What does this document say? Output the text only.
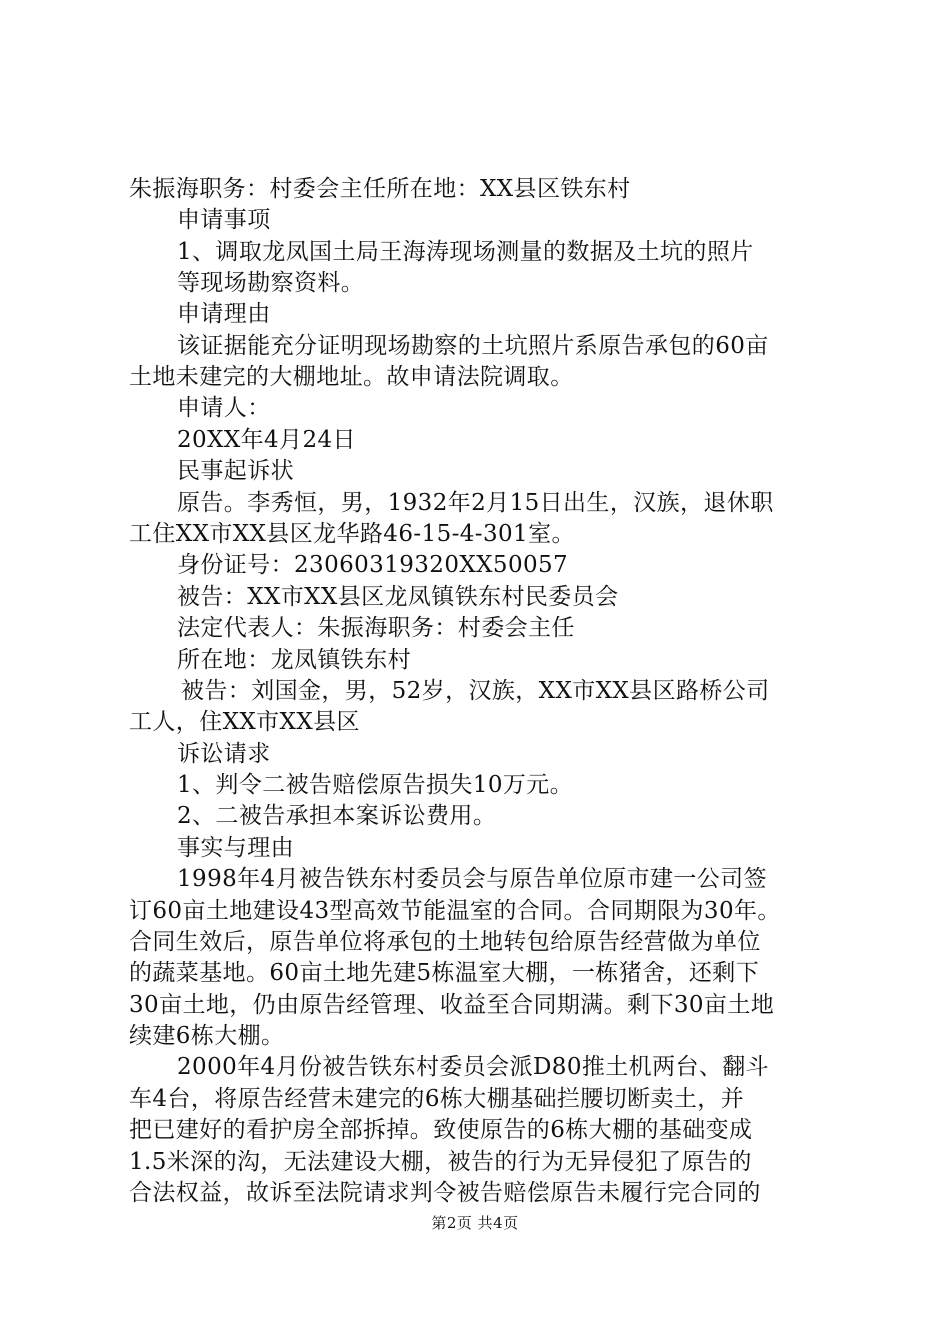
朱振海职务：村委会主任所在地：XX县区铁东村
申请事项
1、调取龙凤国土局王海涛现场测量的数据及土坑的照片
等现场勘察资料。
申请理由
该证据能充分证明现场勘察的土坑照片系原告承包的60亩
土地未建完的大棚地址。故申请法院调取。
申请人：
20XX年4月24日
民事起诉状
原告。李秀恒，男，1932年2月15日出生，汉族，退休职
工住XX市XX县区龙华路46-15-4-301室。
身份证号：23060319320XX50057
被告：XX市XX县区龙凤镇铁东村民委员会
法定代表人：朱振海职务：村委会主任
所在地：龙凤镇铁东村
被告：刘国金，男，52岁，汉族，XX市XX县区路桥公司
工人，住XX市XX县区
诉讼请求
1、判令二被告赔偿原告损失10万元。
2、二被告承担本案诉讼费用。
事实与理由
1998年4月被告铁东村委员会与原告单位原市建一公司签
订60亩土地建设43型高效节能温室的合同。合同期限为30年。
合同生效后，原告单位将承包的土地转包给原告经营做为单位
的蔬菜基地。60亩土地先建5栋温室大棚，一栋猪舍，还剩下
30亩土地，仍由原告经管理、收益至合同期满。剩下30亩土地
续建6栋大棚。
2000年4月份被告铁东村委员会派D80推土机两台、翻斗
车4台，将原告经营未建完的6栋大棚基础拦腰切断卖土，并
把已建好的看护房全部拆掉。致使原告的6栋大棚的基础变成
1.5米深的沟，无法建设大棚，被告的行为无异侵犯了原告的
合法权益，故诉至法院请求判令被告赔偿原告未履行完合同的
第2页 共4页
